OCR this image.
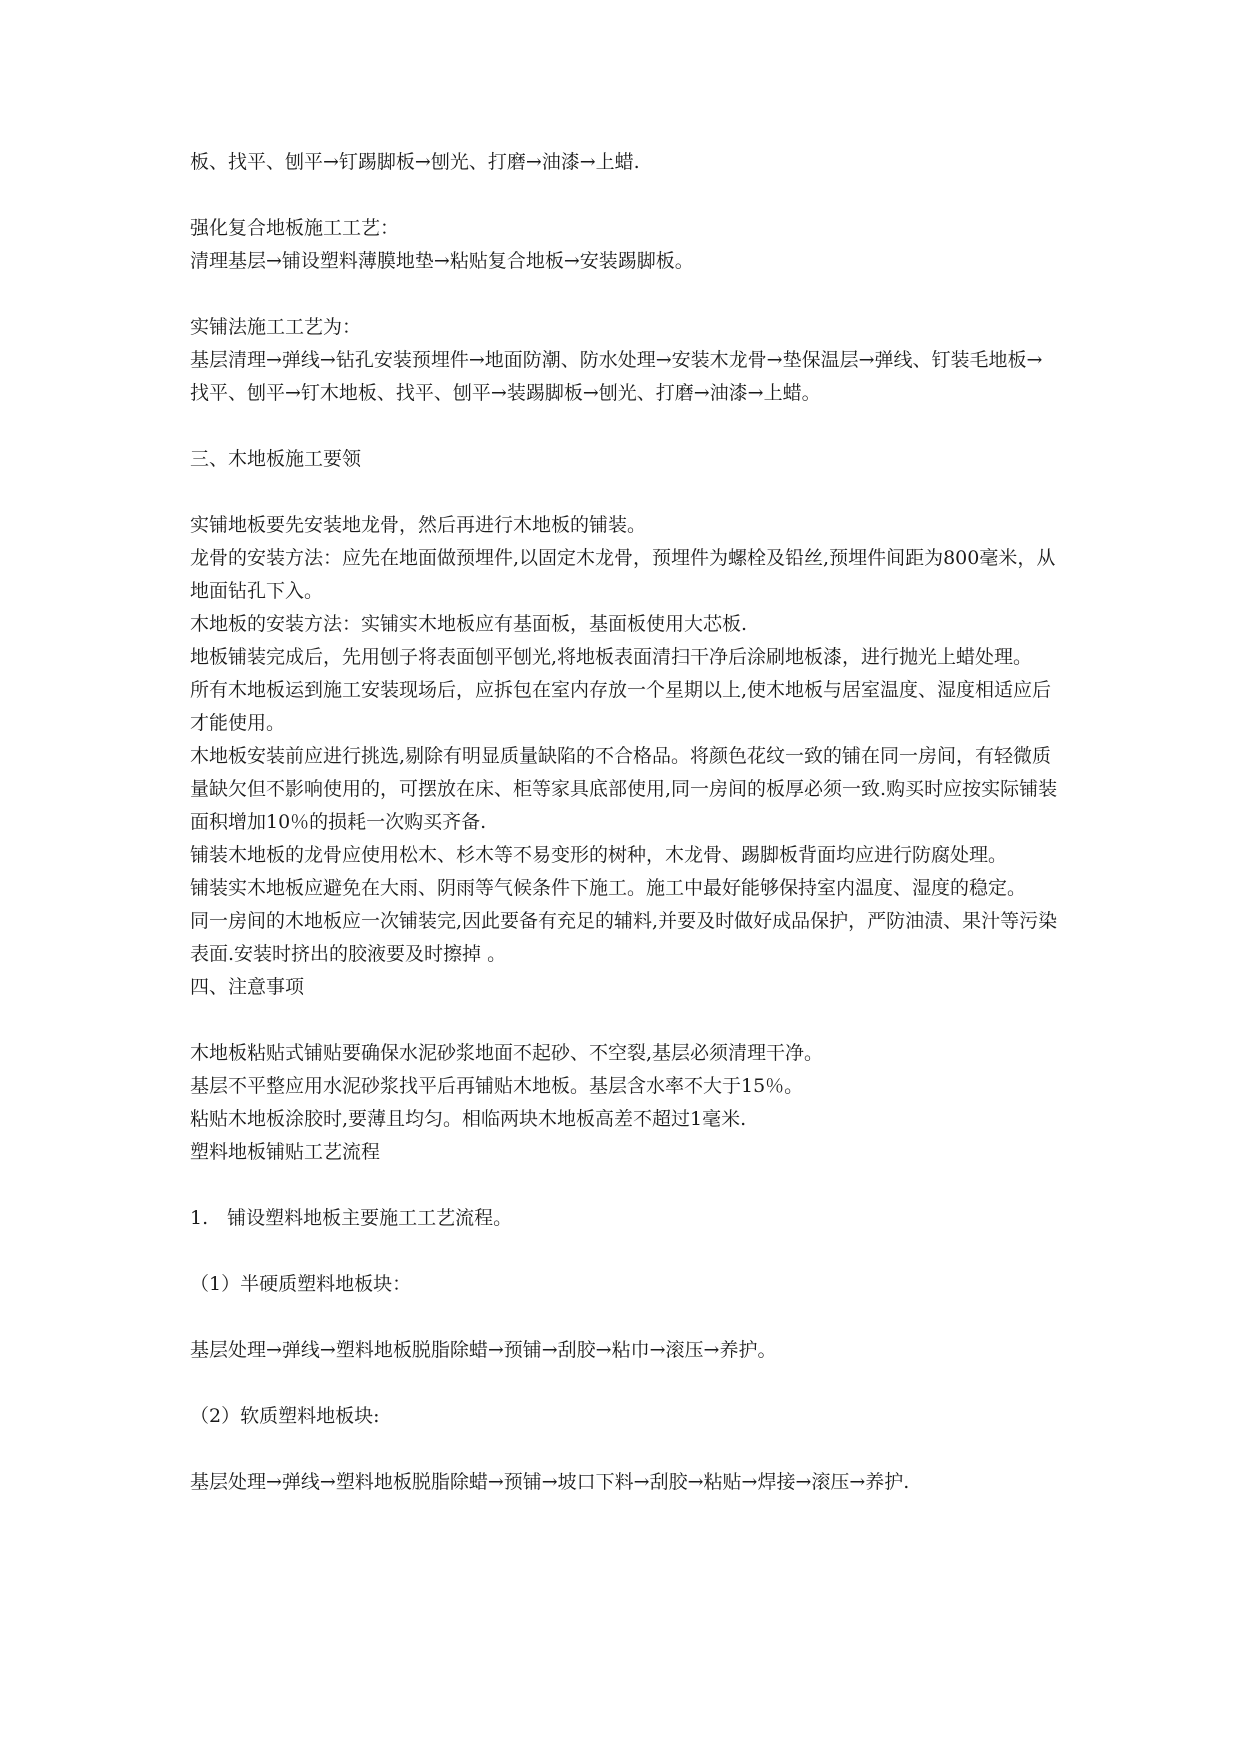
板、找平、刨平→钉踢脚板→刨光、打磨→油漆→上蜡.

强化复合地板施工工艺：

清理基层→铺设塑料薄膜地垫→粘贴复合地板→安装踢脚板。

实铺法施工工艺为：

基层清理→弹线→钻孔安装预埋件→地面防潮、防水处理→安装木龙骨→垫保温层→弹线、钉装毛地板→找平、刨平→钉木地板、找平、刨平→装踢脚板→刨光、打磨→油漆→上蜡。

三、木地板施工要领

实铺地板要先安装地龙骨，然后再进行木地板的铺装。

龙骨的安装方法：应先在地面做预埋件,以固定木龙骨，预埋件为螺栓及铅丝,预埋件间距为800毫米，从地面钻孔下入。

木地板的安装方法：实铺实木地板应有基面板，基面板使用大芯板.

地板铺装完成后，先用刨子将表面刨平刨光,将地板表面清扫干净后涂刷地板漆，进行抛光上蜡处理。

所有木地板运到施工安装现场后，应拆包在室内存放一个星期以上,使木地板与居室温度、湿度相适应后才能使用。

木地板安装前应进行挑选,剔除有明显质量缺陷的不合格品。将颜色花纹一致的铺在同一房间，有轻微质量缺欠但不影响使用的，可摆放在床、柜等家具底部使用,同一房间的板厚必须一致.购买时应按实际铺装面积增加10％的损耗一次购买齐备.

铺装木地板的龙骨应使用松木、杉木等不易变形的树种，木龙骨、踢脚板背面均应进行防腐处理。

铺装实木地板应避免在大雨、阴雨等气候条件下施工。施工中最好能够保持室内温度、湿度的稳定。

同一房间的木地板应一次铺装完,因此要备有充足的辅料,并要及时做好成品保护，严防油渍、果汁等污染表面.安装时挤出的胶液要及时擦掉 。

四、注意事项

木地板粘贴式铺贴要确保水泥砂浆地面不起砂、不空裂,基层必须清理干净。

基层不平整应用水泥砂浆找平后再铺贴木地板。基层含水率不大于15％。

粘贴木地板涂胶时,要薄且均匀。相临两块木地板高差不超过1毫米.

塑料地板铺贴工艺流程

1.　铺设塑料地板主要施工工艺流程。

（1）半硬质塑料地板块：

基层处理→弹线→塑料地板脱脂除蜡→预铺→刮胶→粘巾→滚压→养护。

（2）软质塑料地板块:

基层处理→弹线→塑料地板脱脂除蜡→预铺→坡口下料→刮胶→粘贴→焊接→滚压→养护.
